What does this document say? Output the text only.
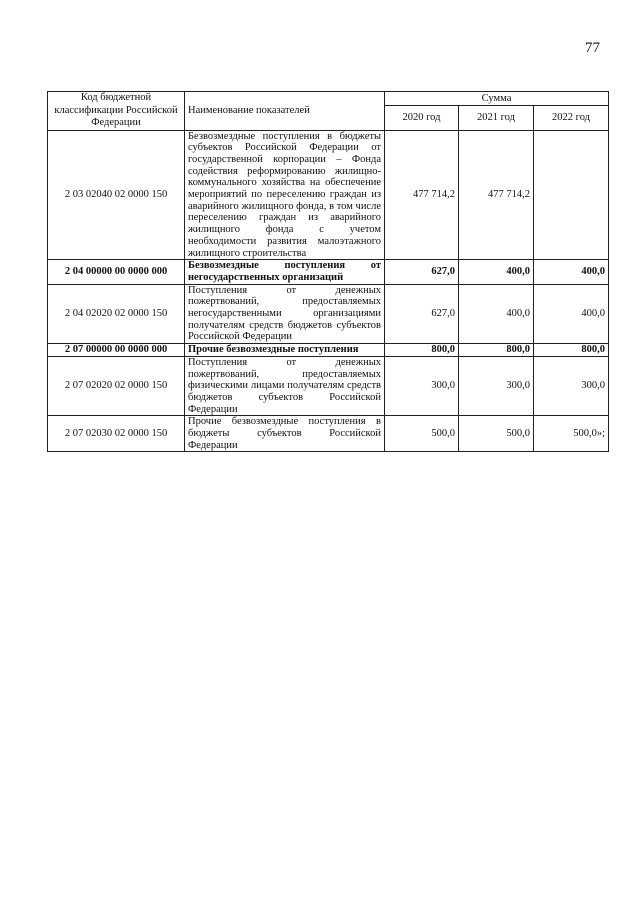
77
Код бюджетной классификации Российской Федерации	Наименование показателей	Сумма		
		2020 год	2021 год	2022 год
2 03 02040 02 0000 150	Безвозмездные поступления в бюджеты субъектов Российской Федерации от государственной корпорации – Фонда содействия реформированию жилищно-коммунального хозяйства на обеспечение мероприятий по переселению граждан из аварийного жилищного фонда, в том числе переселению граждан из аварийного жилищного фонда с учетом необходимости развития малоэтажного жилищного строительства	477 714,2	477 714,2	
2 04 00000 00 0000 000	Безвозмездные поступления от негосударственных организаций	627,0	400,0	400,0
2 04 02020 02 0000 150	Поступления от денежных пожертвований, предоставляемых негосударственными организациями получателям средств бюджетов субъектов Российской Федерации	627,0	400,0	400,0
2 07 00000 00 0000 000	Прочие безвозмездные поступления	800,0	800,0	800,0
2 07 02020 02 0000 150	Поступления от денежных пожертвований, предоставляемых физическими лицами получателям средств бюджетов субъектов Российской Федерации	300,0	300,0	300,0
2 07 02030 02 0000 150	Прочие безвозмездные поступления в бюджеты субъектов Российской Федерации	500,0	500,0	500,0»;
